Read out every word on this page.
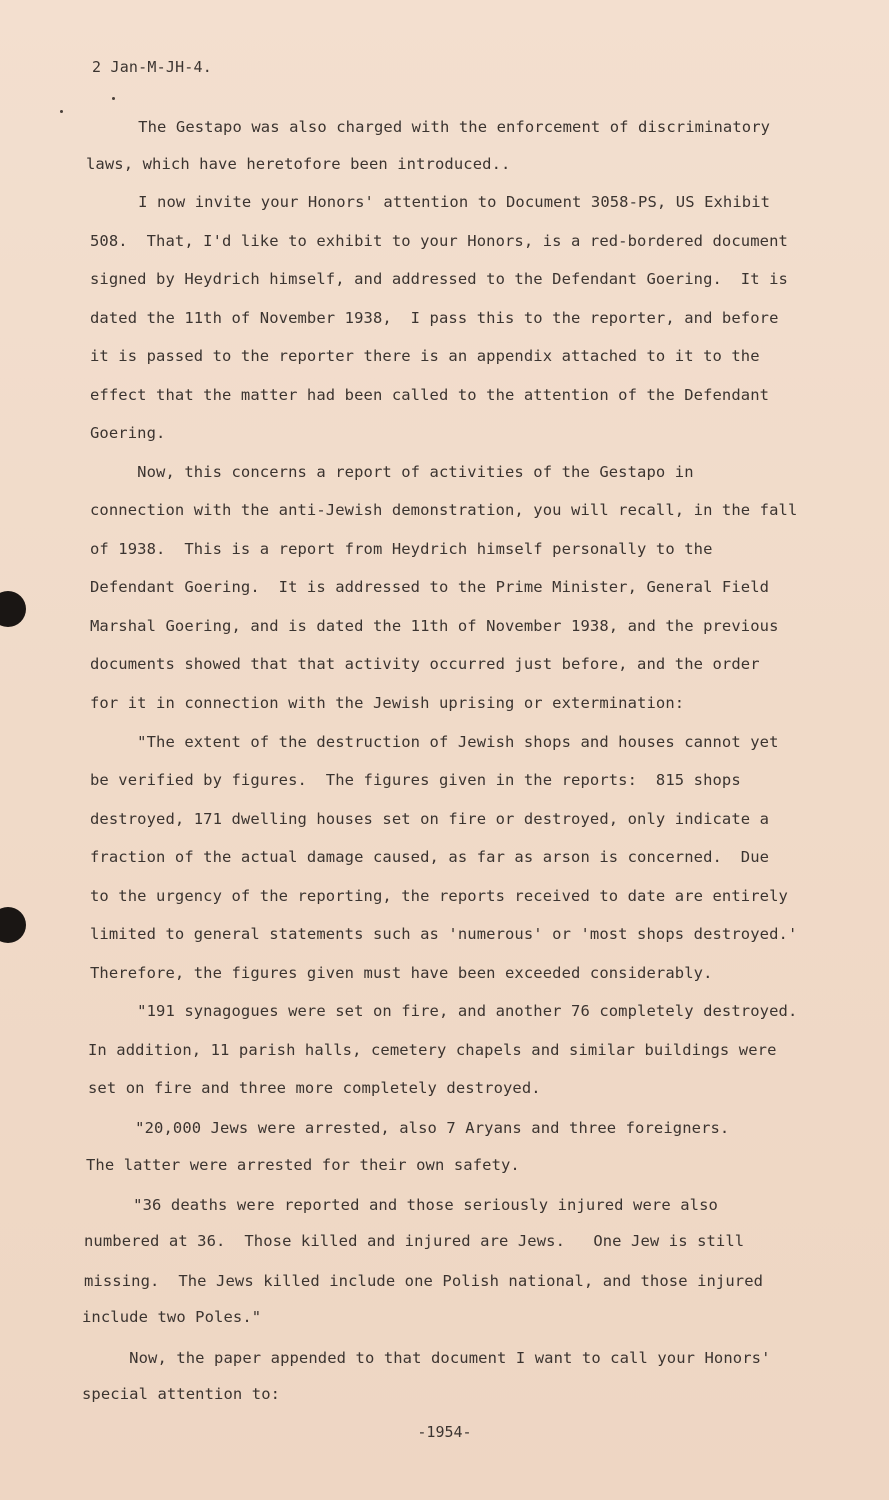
2 Jan-M-JH-4.
The Gestapo was also charged with the enforcement of discriminatory
laws, which have heretofore been introduced..
I now invite your Honors' attention to Document 3058-PS, US Exhibit
508.  That, I'd like to exhibit to your Honors, is a red-bordered document
signed by Heydrich himself, and addressed to the Defendant Goering.  It is
dated the 11th of November 1938,  I pass this to the reporter, and before
it is passed to the reporter there is an appendix attached to it to the
effect that the matter had been called to the attention of the Defendant
Goering.
Now, this concerns a report of activities of the Gestapo in
connection with the anti-Jewish demonstration, you will recall, in the fall
of 1938.  This is a report from Heydrich himself personally to the
Defendant Goering.  It is addressed to the Prime Minister, General Field
Marshal Goering, and is dated the 11th of November 1938, and the previous
documents showed that that activity occurred just before, and the order
for it in connection with the Jewish uprising or extermination:
"The extent of the destruction of Jewish shops and houses cannot yet
be verified by figures.  The figures given in the reports:  815 shops
destroyed, 171 dwelling houses set on fire or destroyed, only indicate a
fraction of the actual damage caused, as far as arson is concerned.  Due
to the urgency of the reporting, the reports received to date are entirely
limited to general statements such as 'numerous' or 'most shops destroyed.'
Therefore, the figures given must have been exceeded considerably.
"191 synagogues were set on fire, and another 76 completely destroyed.
In addition, 11 parish halls, cemetery chapels and similar buildings were
set on fire and three more completely destroyed.
"20,000 Jews were arrested, also 7 Aryans and three foreigners.
The latter were arrested for their own safety.
"36 deaths were reported and those seriously injured were also
numbered at 36.  Those killed and injured are Jews.   One Jew is still
missing.  The Jews killed include one Polish national, and those injured
include two Poles."
Now, the paper appended to that document I want to call your Honors'
special attention to:
-1954-
